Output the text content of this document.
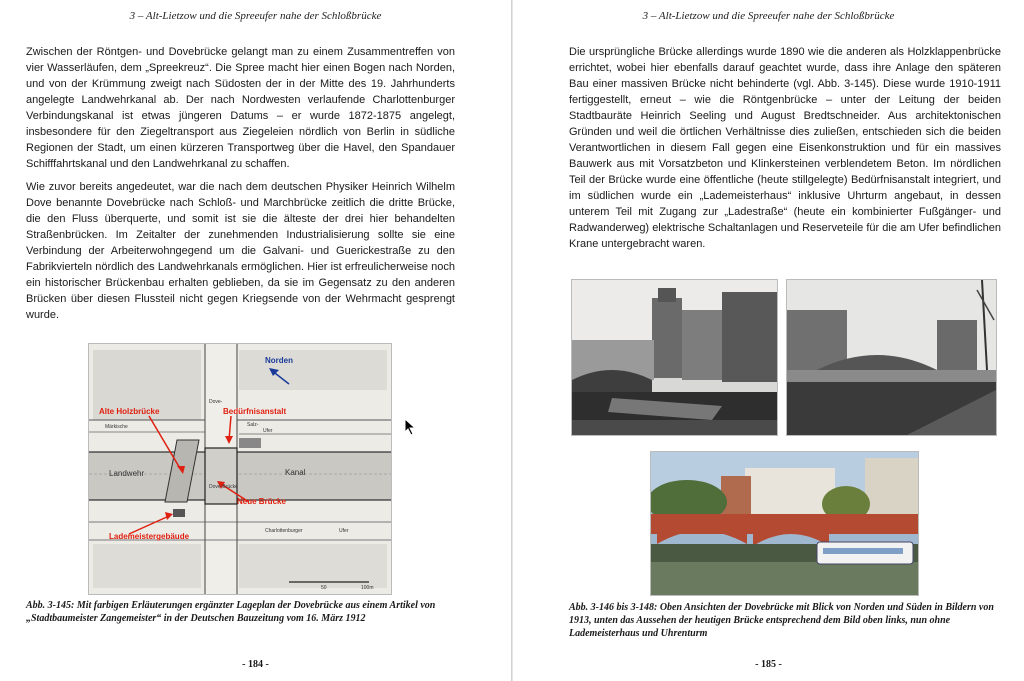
3 – Alt-Lietzow und die Spreeufer nahe der Schloßbrücke

Zwischen der Röntgen- und Dovebrücke gelangt man zu einem Zusammentreffen von vier Wasserläufen, dem „Spreekreuz“. Die Spree macht hier einen Bogen nach Norden, und von der Krümmung zweigt nach Südosten der in der Mitte des 19. Jahrhunderts angelegte Landwehrkanal ab. Der nach Nordwesten verlaufende Charlottenburger Verbindungskanal ist etwas jüngeren Datums – er wurde 1872-1875 angelegt, insbesondere für den Ziegeltransport aus Ziegeleien nördlich von Berlin in südliche Regionen der Stadt, um einen kürzeren Transportweg über die Havel, den Spandauer Schifffahrtskanal und den Landwehrkanal zu schaffen.

Wie zuvor bereits angedeutet, war die nach dem deutschen Physiker Heinrich Wilhelm Dove benannte Dovebrücke nach Schloß- und Marchbrücke zeitlich die dritte Brücke, die den Fluss überquerte, und somit ist sie die älteste der drei hier behandelten Straßenbrücken. Im Zeitalter der zunehmenden Industrialisierung sollte sie eine Verbindung der Arbeiterwohngegend um die Galvani- und Guerickestraße zu den Fabrikvierteln nördlich des Landwehrkanals ermöglichen. Hier ist erfreulicherweise noch ein historischer Brückenbau erhalten geblieben, da sie im Gegensatz zu den anderen Brücken über diesen Flussteil nicht gegen Kriegsende von der Wehrmacht gesprengt wurde.

Norden
Alte Holzbrücke	Bedürfnisanstalt
Neue Brücke
Lademeistergebäude
Kanal
Landwehr
Dove-
Dove-Brücke
Salz-
Ufer
Charlottenburger	Ufer
Märkische
50	100m
Abb. 3-145: Mit farbigen Erläuterungen ergänzter Lageplan der Dovebrücke aus einem Artikel von „Stadtbaumeister Zangemeister“ in der Deutschen Bauzeitung vom 16. März 1912
- 184 -
3 – Alt-Lietzow und die Spreeufer nahe der Schloßbrücke

Die ursprüngliche Brücke allerdings wurde 1890 wie die anderen als Holzklappenbrücke errichtet, wobei hier ebenfalls darauf geachtet wurde, dass ihre Anlage den späteren Bau einer massiven Brücke nicht behinderte (vgl. Abb. 3-145). Diese wurde 1910-1911 fertiggestellt, erneut – wie die Röntgenbrücke – unter der Leitung der beiden Stadtbauräte Heinrich Seeling und August Bredtschneider. Aus architektonischen Gründen und weil die örtlichen Verhältnisse dies zuließen, entschieden sich die beiden Verantwortlichen in diesem Fall gegen eine Eisenkonstruktion und für ein massives Bauwerk aus mit Vorsatzbeton und Klinkersteinen verblendetem Beton. Im nördlichen Teil der Brücke wurde eine öffentliche (heute stillgelegte) Bedürfnisanstalt integriert, und im südlichen wurde ein „Lademeisterhaus“ inklusive Uhrturm angebaut, in dessen unterem Teil mit Zugang zur „Ladestraße“ (heute ein kombinierter Fußgänger- und Radwanderweg) elektrische Schaltanlagen und Reserveteile für die am Ufer befindlichen Krane untergebracht waren.

Abb. 3-146 bis 3-148: Oben Ansichten der Dovebrücke mit Blick von Norden und Süden in Bildern von 1913, unten das Aussehen der heutigen Brücke entsprechend dem Bild oben links, nun ohne Lademeisterhaus und Uhrenturm
- 185 -
